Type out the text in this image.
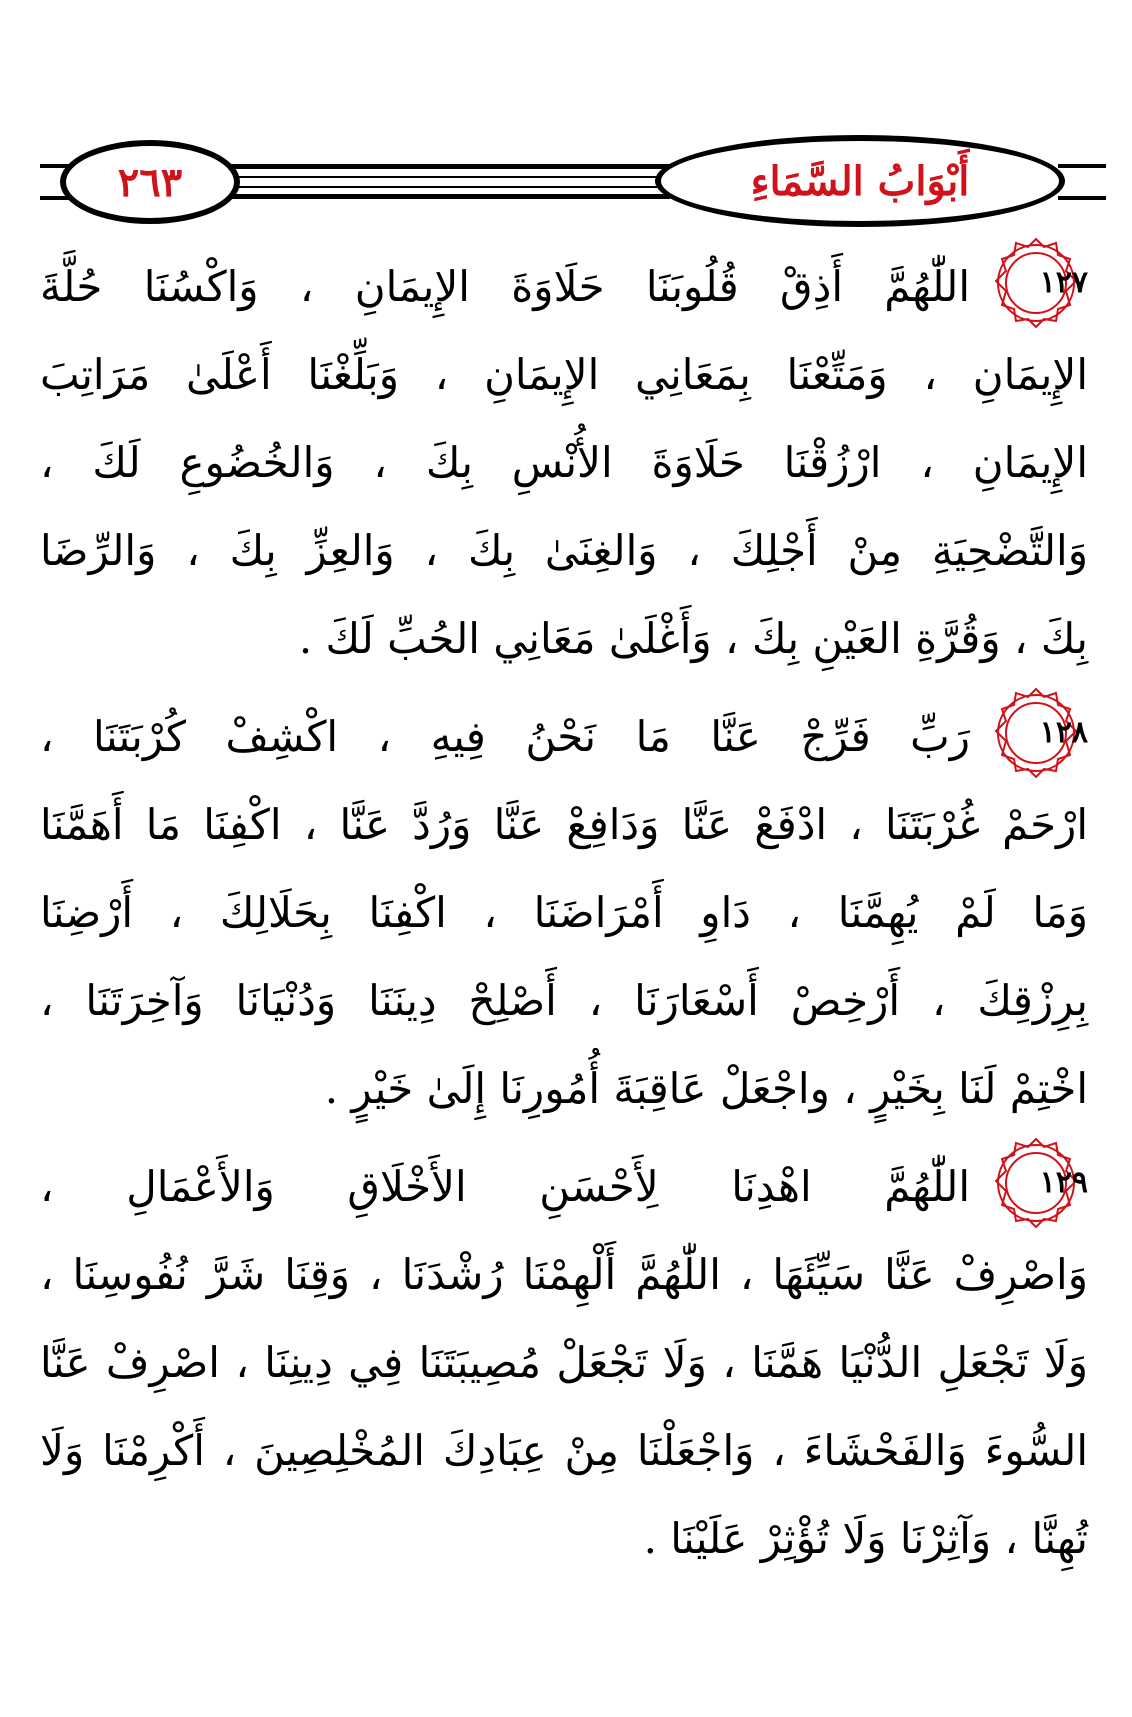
٢٦٣	أَبْوَابُ السَّمَاءِ
١٢٧
اللّٰهُمَّ أَذِقْ قُلُوبَنَا حَلَاوَةَ الإِيمَانِ ، وَاكْسُنَا حُلَّةَ
الإِيمَانِ ، وَمَتِّعْنَا بِمَعَانِي الإِيمَانِ ، وَبَلِّغْنَا أَعْلَىٰ مَرَاتِبَ
الإِيمَانِ ، ارْزُقْنَا حَلَاوَةَ الأُنْسِ بِكَ ، وَالخُضُوعِ لَكَ ،
وَالتَّضْحِيَةِ مِنْ أَجْلِكَ ، وَالغِنَىٰ بِكَ ، وَالعِزِّ بِكَ ، وَالرِّضَا
بِكَ ، وَقُرَّةِ العَيْنِ بِكَ ، وَأَغْلَىٰ مَعَانِي الحُبِّ لَكَ .
١٢٨
رَبِّ فَرِّجْ عَنَّا مَا نَحْنُ فِيهِ ، اكْشِفْ كُرْبَتَنَا ،
ارْحَمْ غُرْبَتَنَا ، ادْفَعْ عَنَّا وَدَافِعْ عَنَّا وَرُدَّ عَنَّا ، اكْفِنَا مَا أَهَمَّنَا
وَمَا لَمْ يُهِمَّنَا ، دَاوِ أَمْرَاضَنَا ، اكْفِنَا بِحَلَالِكَ ، أَرْضِنَا
بِرِزْقِكَ ، أَرْخِصْ أَسْعَارَنَا ، أَصْلِحْ دِينَنَا وَدُنْيَانَا وَآخِرَتَنَا ،
اخْتِمْ لَنَا بِخَيْرٍ ، واجْعَلْ عَاقِبَةَ أُمُورِنَا إِلَىٰ خَيْرٍ .
١٢٩
اللّٰهُمَّ اهْدِنَا لِأَحْسَنِ الأَخْلَاقِ وَالأَعْمَالِ ،
وَاصْرِفْ عَنَّا سَيِّئَهَا ، اللّٰهُمَّ أَلْهِمْنَا رُشْدَنَا ، وَقِنَا شَرَّ نُفُوسِنَا ،
وَلَا تَجْعَلِ الدُّنْيَا هَمَّنَا ، وَلَا تَجْعَلْ مُصِيبَتَنَا فِي دِينِنَا ، اصْرِفْ عَنَّا
السُّوءَ وَالفَحْشَاءَ ، وَاجْعَلْنَا مِنْ عِبَادِكَ المُخْلِصِينَ ، أَكْرِمْنَا وَلَا
تُهِنَّا ، وَآثِرْنَا وَلَا تُؤْثِرْ عَلَيْنَا .
